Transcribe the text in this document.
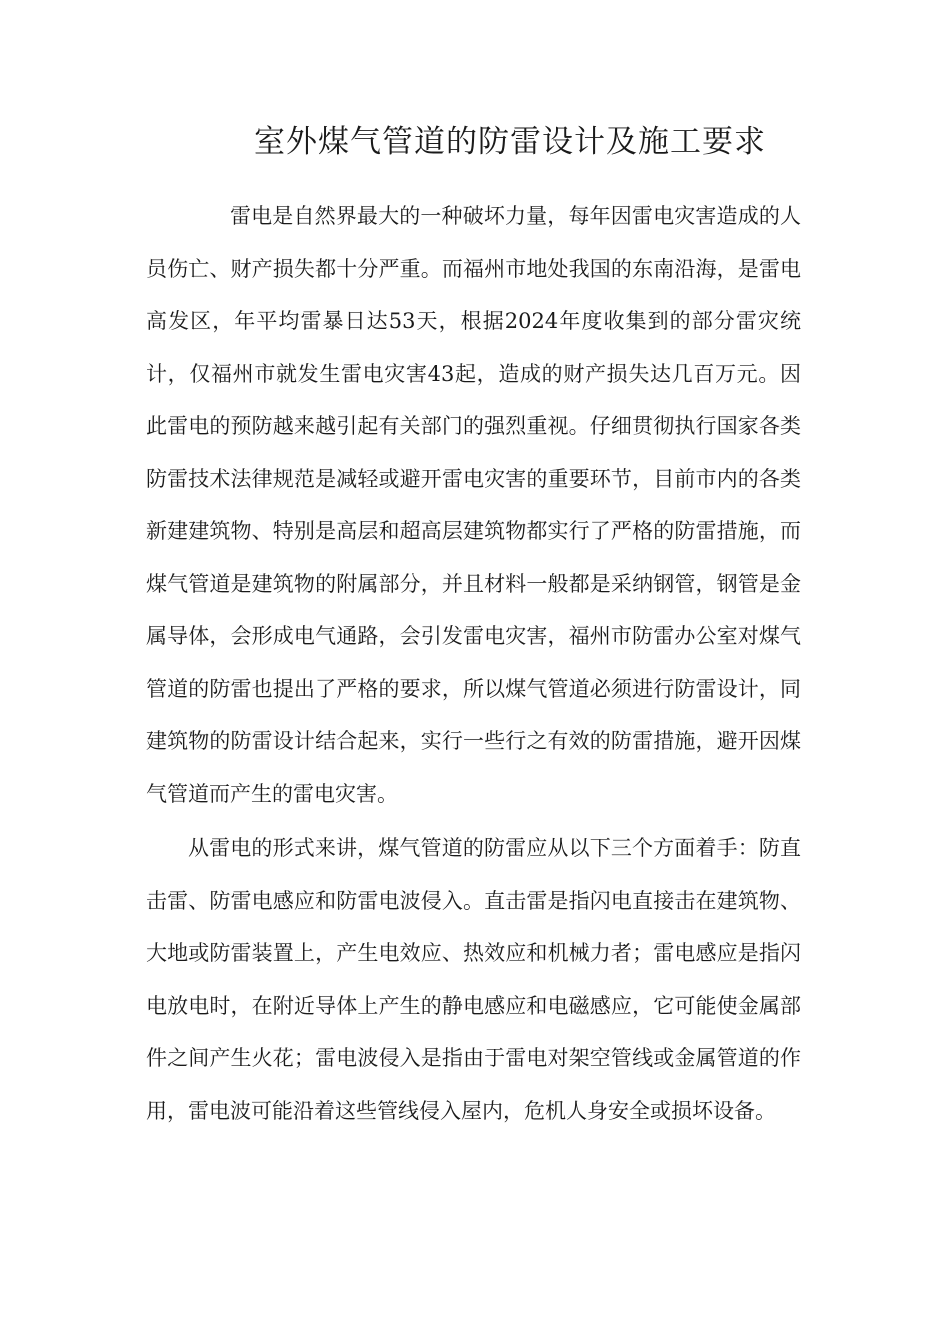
室外煤气管道的防雷设计及施工要求

雷电是自然界最大的一种破坏力量，每年因雷电灾害造成的人员伤亡、财产损失都十分严重。而福州市地处我国的东南沿海，是雷电高发区，年平均雷暴日达53天，根据2024年度收集到的部分雷灾统计，仅福州市就发生雷电灾害43起，造成的财产损失达几百万元。因此雷电的预防越来越引起有关部门的强烈重视。仔细贯彻执行国家各类防雷技术法律规范是减轻或避开雷电灾害的重要环节，目前市内的各类新建建筑物、特别是高层和超高层建筑物都实行了严格的防雷措施，而煤气管道是建筑物的附属部分，并且材料一般都是采纳钢管，钢管是金属导体，会形成电气通路，会引发雷电灾害，福州市防雷办公室对煤气管道的防雷也提出了严格的要求，所以煤气管道必须进行防雷设计，同建筑物的防雷设计结合起来，实行一些行之有效的防雷措施，避开因煤气管道而产生的雷电灾害。

从雷电的形式来讲，煤气管道的防雷应从以下三个方面着手：防直击雷、防雷电感应和防雷电波侵入。直击雷是指闪电直接击在建筑物、大地或防雷装置上，产生电效应、热效应和机械力者；雷电感应是指闪电放电时，在附近导体上产生的静电感应和电磁感应，它可能使金属部件之间产生火花；雷电波侵入是指由于雷电对架空管线或金属管道的作用，雷电波可能沿着这些管线侵入屋内，危机人身安全或损坏设备。
